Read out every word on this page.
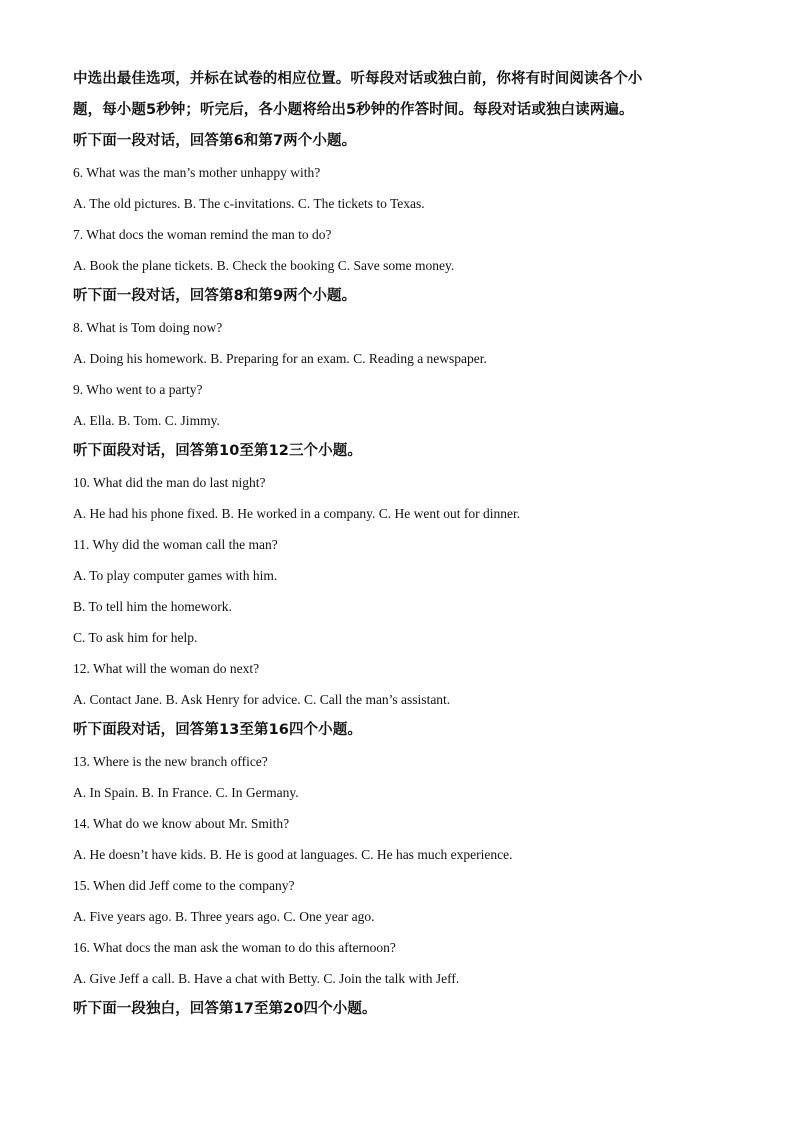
中选出最佳选项，并标在试卷的相应位置。听每段对话或独白前，你将有时间阅读各个小

题，每小题5秒钟；听完后，各小题将给出5秒钟的作答时间。每段对话或独白读两遍。

听下面一段对话，回答第6和第7两个小题。

6. What was the man’s mother unhappy with?

A. The old pictures. B. The c-invitations. C. The tickets to Texas.

7. What docs the woman remind the man to do?

A. Book the plane tickets. B. Check the booking C. Save some money.

听下面一段对话，回答第8和第9两个小题。

8. What is Tom doing now?

A. Doing his homework. B. Preparing for an exam. C. Reading a newspaper.

9. Who went to a party?

A. Ella. B. Tom. C. Jimmy.

听下面段对话，回答第10至第12三个小题。

10. What did the man do last night?

A. He had his phone fixed. B. He worked in a company. C. He went out for dinner.

11. Why did the woman call the man?

A. To play computer games with him.

B. To tell him the homework.

C. To ask him for help.

12. What will the woman do next?

A. Contact Jane. B. Ask Henry for advice. C. Call the man’s assistant.

听下面段对话，回答第13至第16四个小题。

13. Where is the new branch office?

A. In Spain. B. In France. C. In Germany.

14. What do we know about Mr. Smith?

A. He doesn’t have kids. B. He is good at languages. C. He has much experience.

15. When did Jeff come to the company?

A. Five years ago. B. Three years ago. C. One year ago.

16. What docs the man ask the woman to do this afternoon?

A. Give Jeff a call. B. Have a chat with Betty. C. Join the talk with Jeff.

听下面一段独白，回答第17至第20四个小题。
